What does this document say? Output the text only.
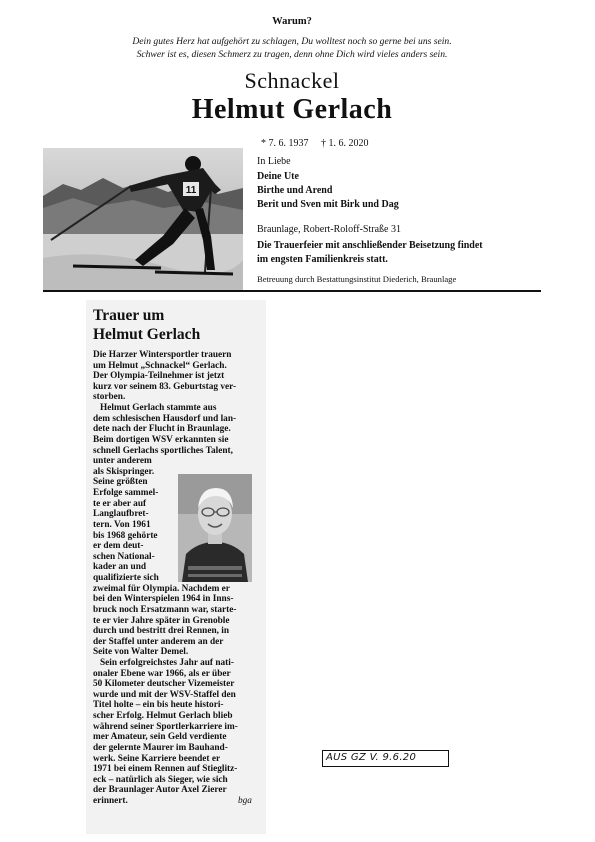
Warum?
Dein gutes Herz hat aufgehört zu schlagen, Du wolltest noch so gerne bei uns sein.
Schwer ist es, diesen Schmerz zu tragen, denn ohne Dich wird vieles anders sein.
Schnackel
Helmut Gerlach
* 7. 6. 1937 † 1. 6. 2020
11
In Liebe
Deine Ute
Birthe und Arend
Berit und Sven mit Birk und Dag
Braunlage, Robert-Roloff-Straße 31
Die Trauerfeier mit anschließender Beisetzung findet
im engsten Familienkreis statt.
Betreuung durch Bestattungsinstitut Diederich, Braunlage
Trauer um
Helmut Gerlach
Die Harzer Wintersportler trauern
um Helmut „Schnackel“ Gerlach.
Der Olympia-Teilnehmer ist jetzt
kurz vor seinem 83. Geburtstag ver-
storben.
Helmut Gerlach stammte aus
dem schlesischen Hausdorf und lan-
dete nach der Flucht in Braunlage.
Beim dortigen WSV erkannten sie
schnell Gerlachs sportliches Talent,
unter anderem
als Skispringer.
Seine größten
Erfolge sammel-
te er aber auf
Langlaufbret-
tern. Von 1961
bis 1968 gehörte
er dem deut-
schen National-
kader an und
qualifizierte sich
zweimal für Olympia. Nachdem er
bei den Winterspielen 1964 in Inns-
bruck noch Ersatzmann war, starte-
te er vier Jahre später in Grenoble
durch und bestritt drei Rennen, in
der Staffel unter anderem an der
Seite von Walter Demel.
Sein erfolgreichstes Jahr auf nati-
onaler Ebene war 1966, als er über
50 Kilometer deutscher Vizemeister
wurde und mit der WSV-Staffel den
Titel holte – ein bis heute histori-
scher Erfolg. Helmut Gerlach blieb
während seiner Sportlerkarriere im-
mer Amateur, sein Geld verdiente
der gelernte Maurer im Bauhand-
werk. Seine Karriere beendet er
1971 bei einem Rennen auf Stieglitz-
eck – natürlich als Sieger, wie sich
der Braunlager Autor Axel Zierer
erinnert.	bga
AUS GZ V. 9.6.20
